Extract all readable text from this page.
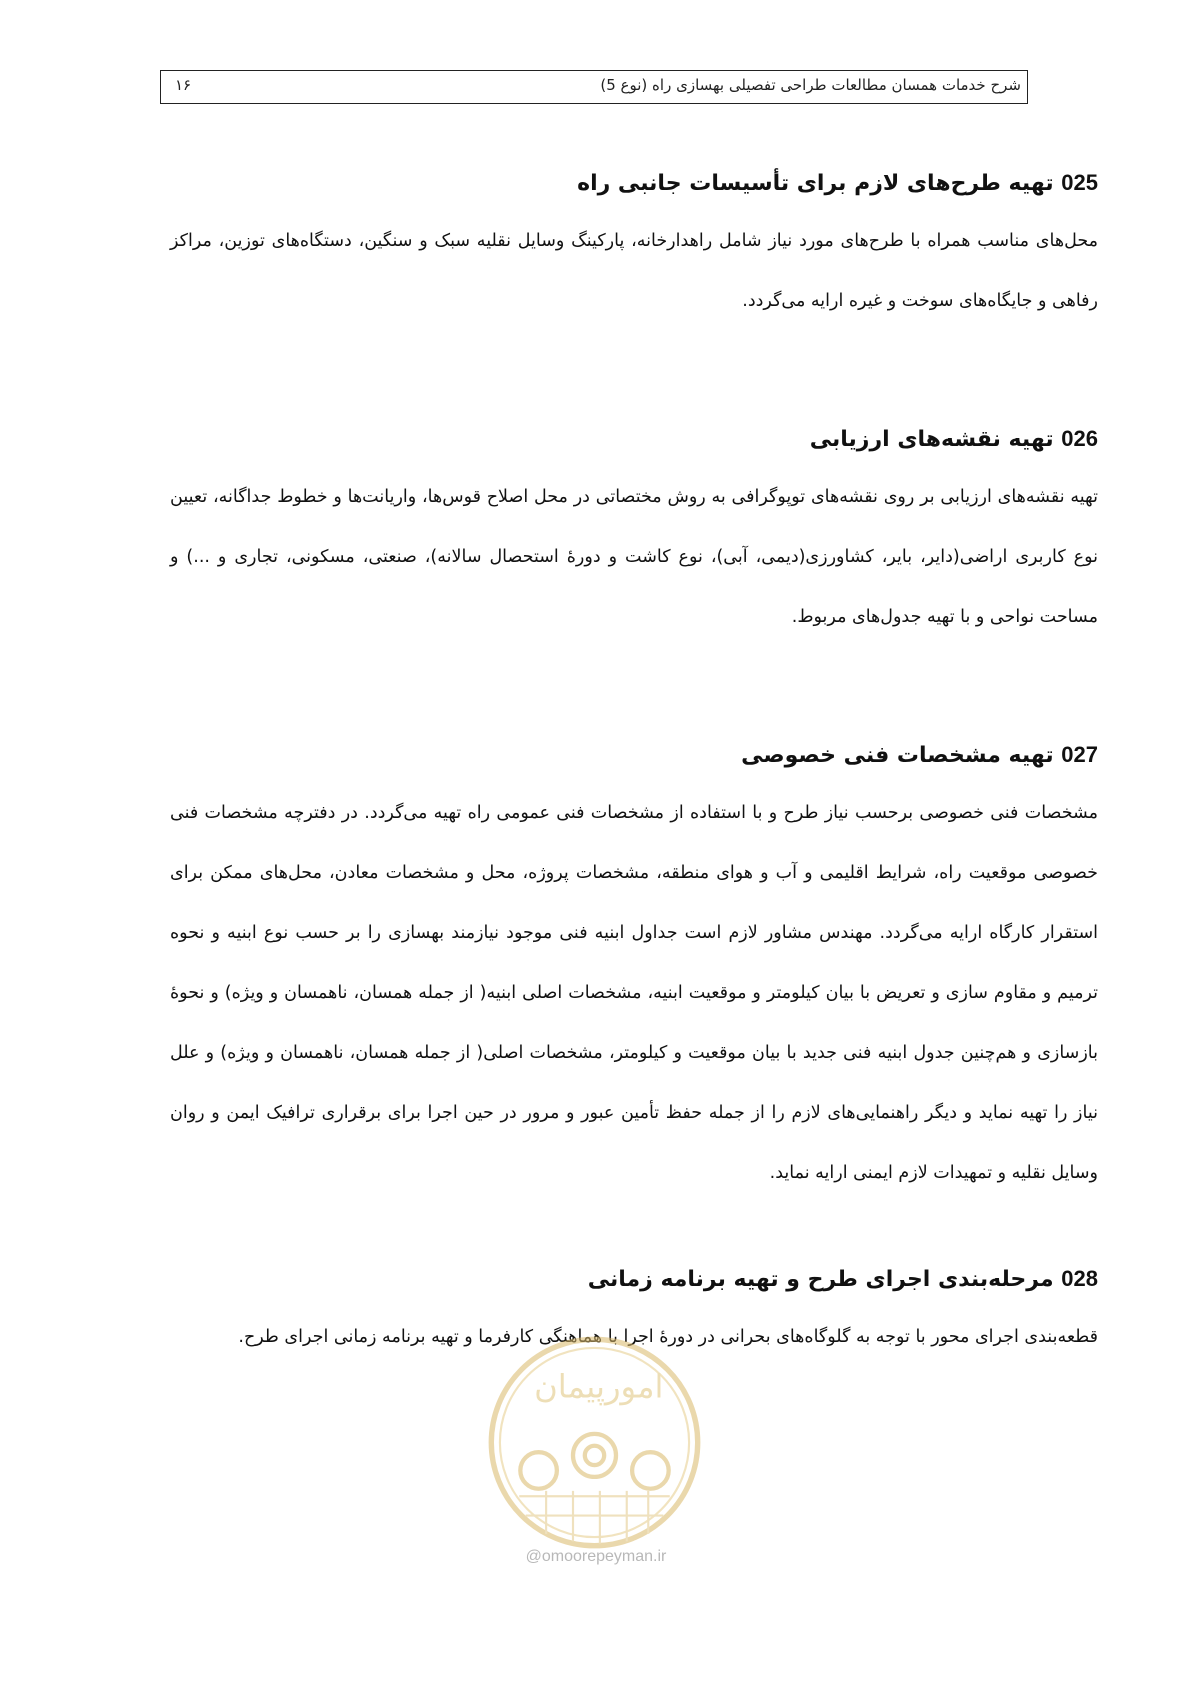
شرح خدمات همسان مطالعات طراحی تفصیلی بهسازی راه (نوع 5)
۱۶
025 تهیه طرح‌های لازم برای تأسیسات جانبی راه

محل‌های مناسب همراه با طرح‌های مورد نیاز شامل راهدارخانه، پارکینگ وسایل نقلیه سبک و سنگین، دستگاه‌های توزین، مراکز رفاهی و جایگاه‌های سوخت و غیره ارایه می‌گردد.

026 تهیه نقشه‌های ارزیابی

تهیه نقشه‌های ارزیابی بر روی نقشه‌های توپوگرافی به روش مختصاتی در محل اصلاح قوس‌ها، واریانت‌ها و خطوط جداگانه، تعیین نوع کاربری اراضی(دایر، بایر، کشاورزی(دیمی، آبی)، نوع کاشت و دورهٔ استحصال سالانه)، صنعتی، مسکونی، تجاری و ...) و مساحت نواحی و با تهیه جدول‌های مربوط.

027 تهیه مشخصات فنی خصوصی

مشخصات فنی خصوصی برحسب نیاز طرح و با استفاده از مشخصات فنی عمومی راه تهیه می‌گردد. در دفترچه مشخصات فنی خصوصی موقعیت راه، شرایط اقلیمی و آب و هوای منطقه، مشخصات پروژه، محل و مشخصات معادن، محل‌های ممکن برای استقرار کارگاه ارایه می‌گردد. مهندس مشاور لازم است جداول ابنیه فنی موجود نیازمند بهسازی را بر حسب نوع ابنیه و نحوه ترمیم و مقاوم سازی و تعریض با بیان کیلومتر و موقعیت ابنیه، مشخصات اصلی ابنیه( از جمله همسان، ناهمسان و ویژه) و نحوهٔ بازسازی و هم‌چنین جدول ابنیه فنی جدید با بیان موقعیت و کیلومتر، مشخصات اصلی( از جمله همسان، ناهمسان و ویژه) و علل نیاز را تهیه نماید و دیگر راهنمایی‌های لازم را از جمله حفظ تأمین عبور و مرور در حین اجرا برای برقراری ترافیک ایمن و روان وسایل نقلیه و تمهیدات لازم ایمنی ارایه نماید.

028 مرحله‌بندی اجرای طرح و تهیه برنامه زمانی

قطعه‌بندی اجرای محور با توجه به گلوگاه‌های بحرانی در دورهٔ اجرا با هماهنگی کارفرما و تهیه برنامه زمانی اجرای طرح.

امورپیمان
@omoorepeyman.ir
